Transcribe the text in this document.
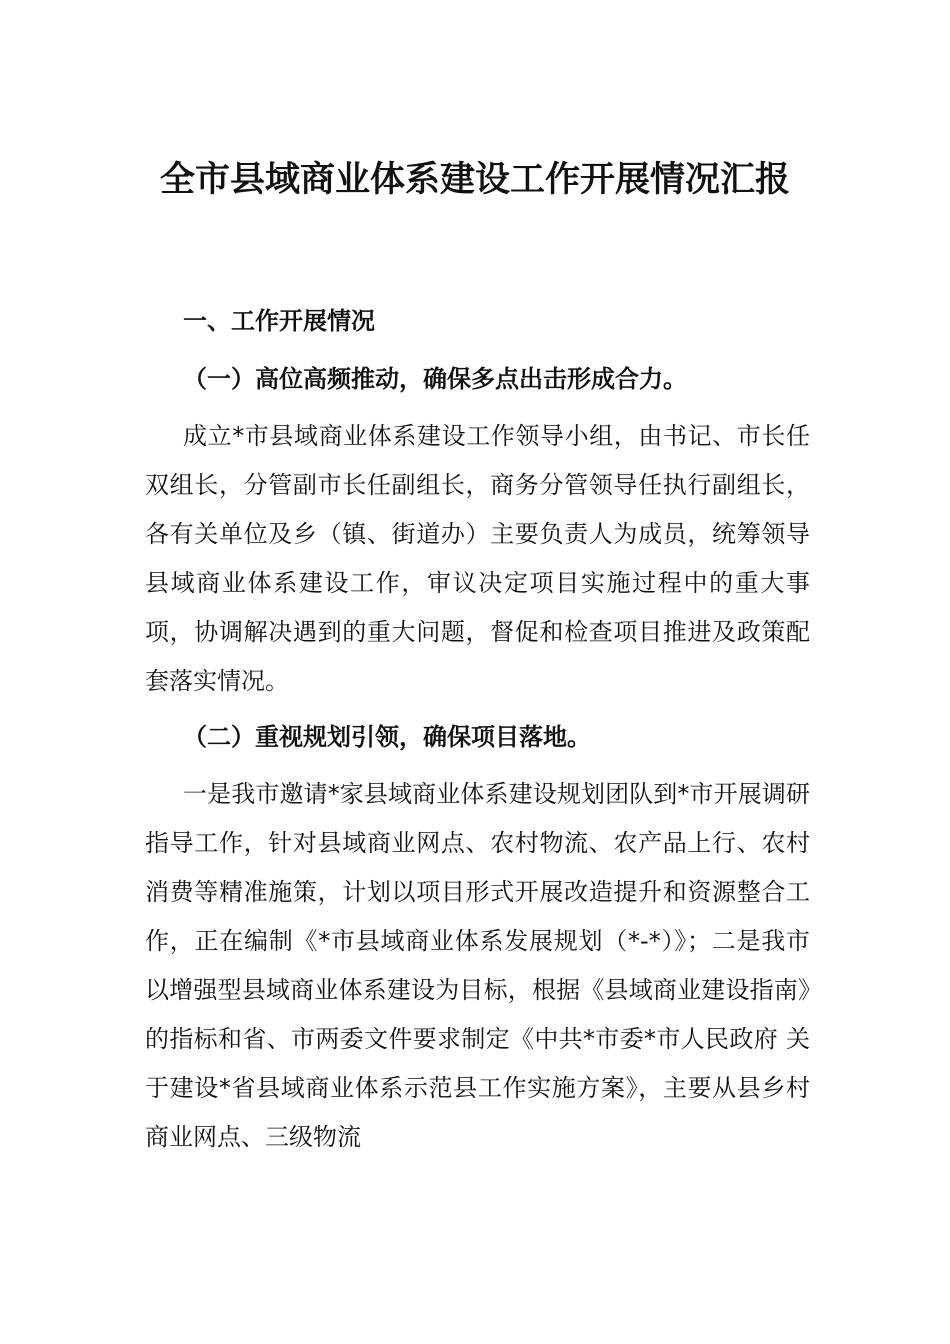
全市县域商业体系建设工作开展情况汇报

一、工作开展情况

（一）高位高频推动，确保多点出击形成合力。

成立*市县域商业体系建设工作领导小组，由书记、市长任双组长，分管副市长任副组长，商务分管领导任执行副组长，各有关单位及乡（镇、街道办）主要负责人为成员，统筹领导县域商业体系建设工作，审议决定项目实施过程中的重大事项，协调解决遇到的重大问题，督促和检查项目推进及政策配套落实情况。

（二）重视规划引领，确保项目落地。

一是我市邀请*家县域商业体系建设规划团队到*市开展调研指导工作，针对县域商业网点、农村物流、农产品上行、农村消费等精准施策，计划以项目形式开展改造提升和资源整合工作，正在编制《*市县域商业体系发展规划（*-*）》；二是我市以增强型县域商业体系建设为目标，根据《县域商业建设指南》的指标和省、市两委文件要求制定《中共*市委*市人民政府 关于建设*省县域商业体系示范县工作实施方案》，主要从县乡村商业网点、三级物流
